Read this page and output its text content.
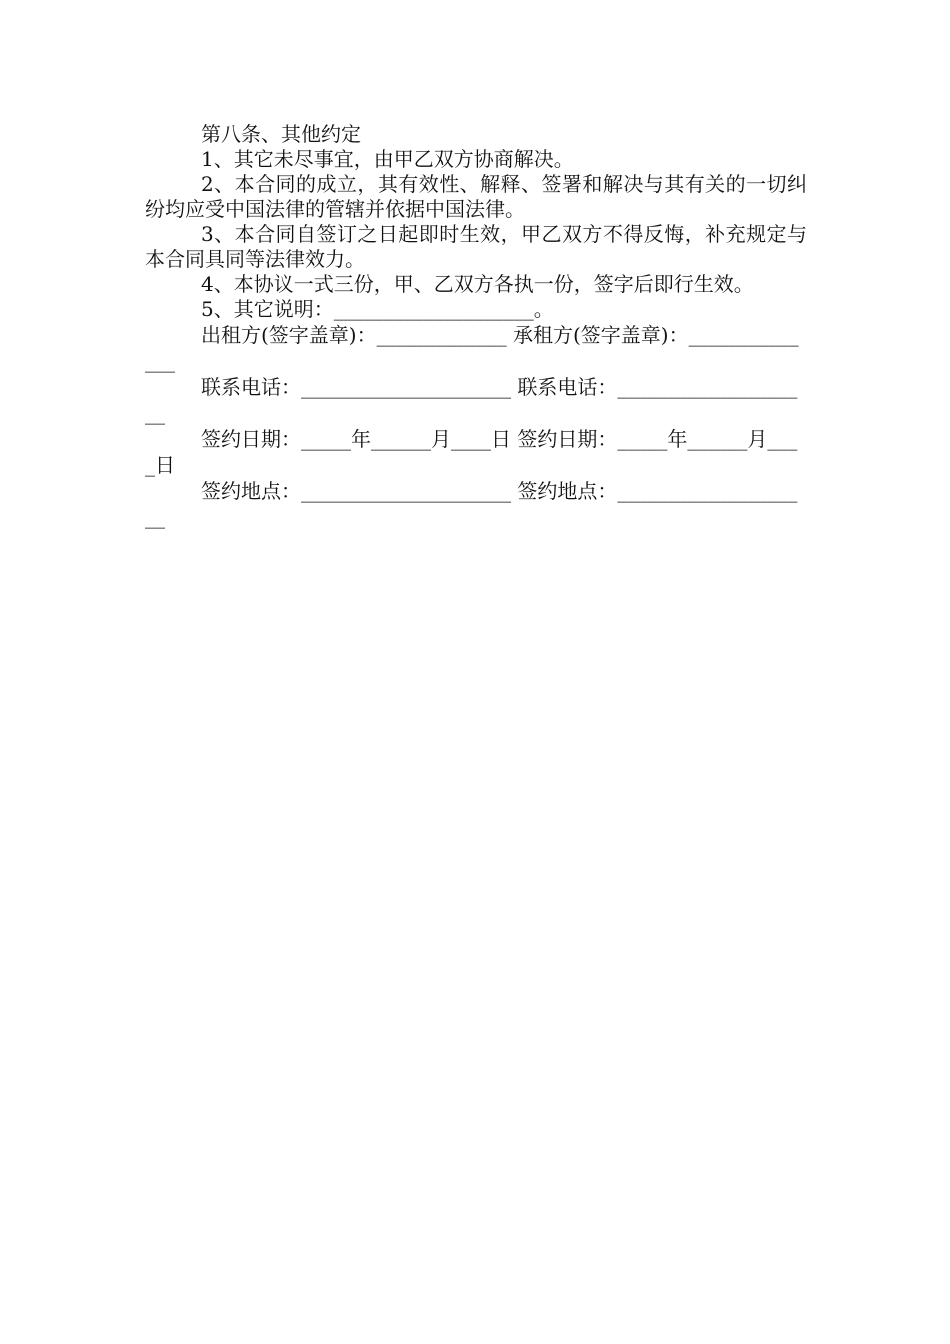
第八条、其他约定

1、其它未尽事宜，由甲乙双方协商解决。

2、本合同的成立，其有效性、解释、签署和解决与其有关的一切纠纷均应受中国法律的管辖并依据中国法律。

3、本合同自签订之日起即时生效，甲乙双方不得反悔，补充规定与本合同具同等法律效力。

4、本协议一式三份，甲、乙双方各执一份，签字后即行生效。

5、其它说明：____________________。

出租方(签字盖章)：_____________ 承租方(签字盖章)：______________

联系电话：_____________________ 联系电话：____________________

签约日期：_____年______月____日 签约日期：_____年______月____日

签约地点：_____________________ 签约地点：____________________
